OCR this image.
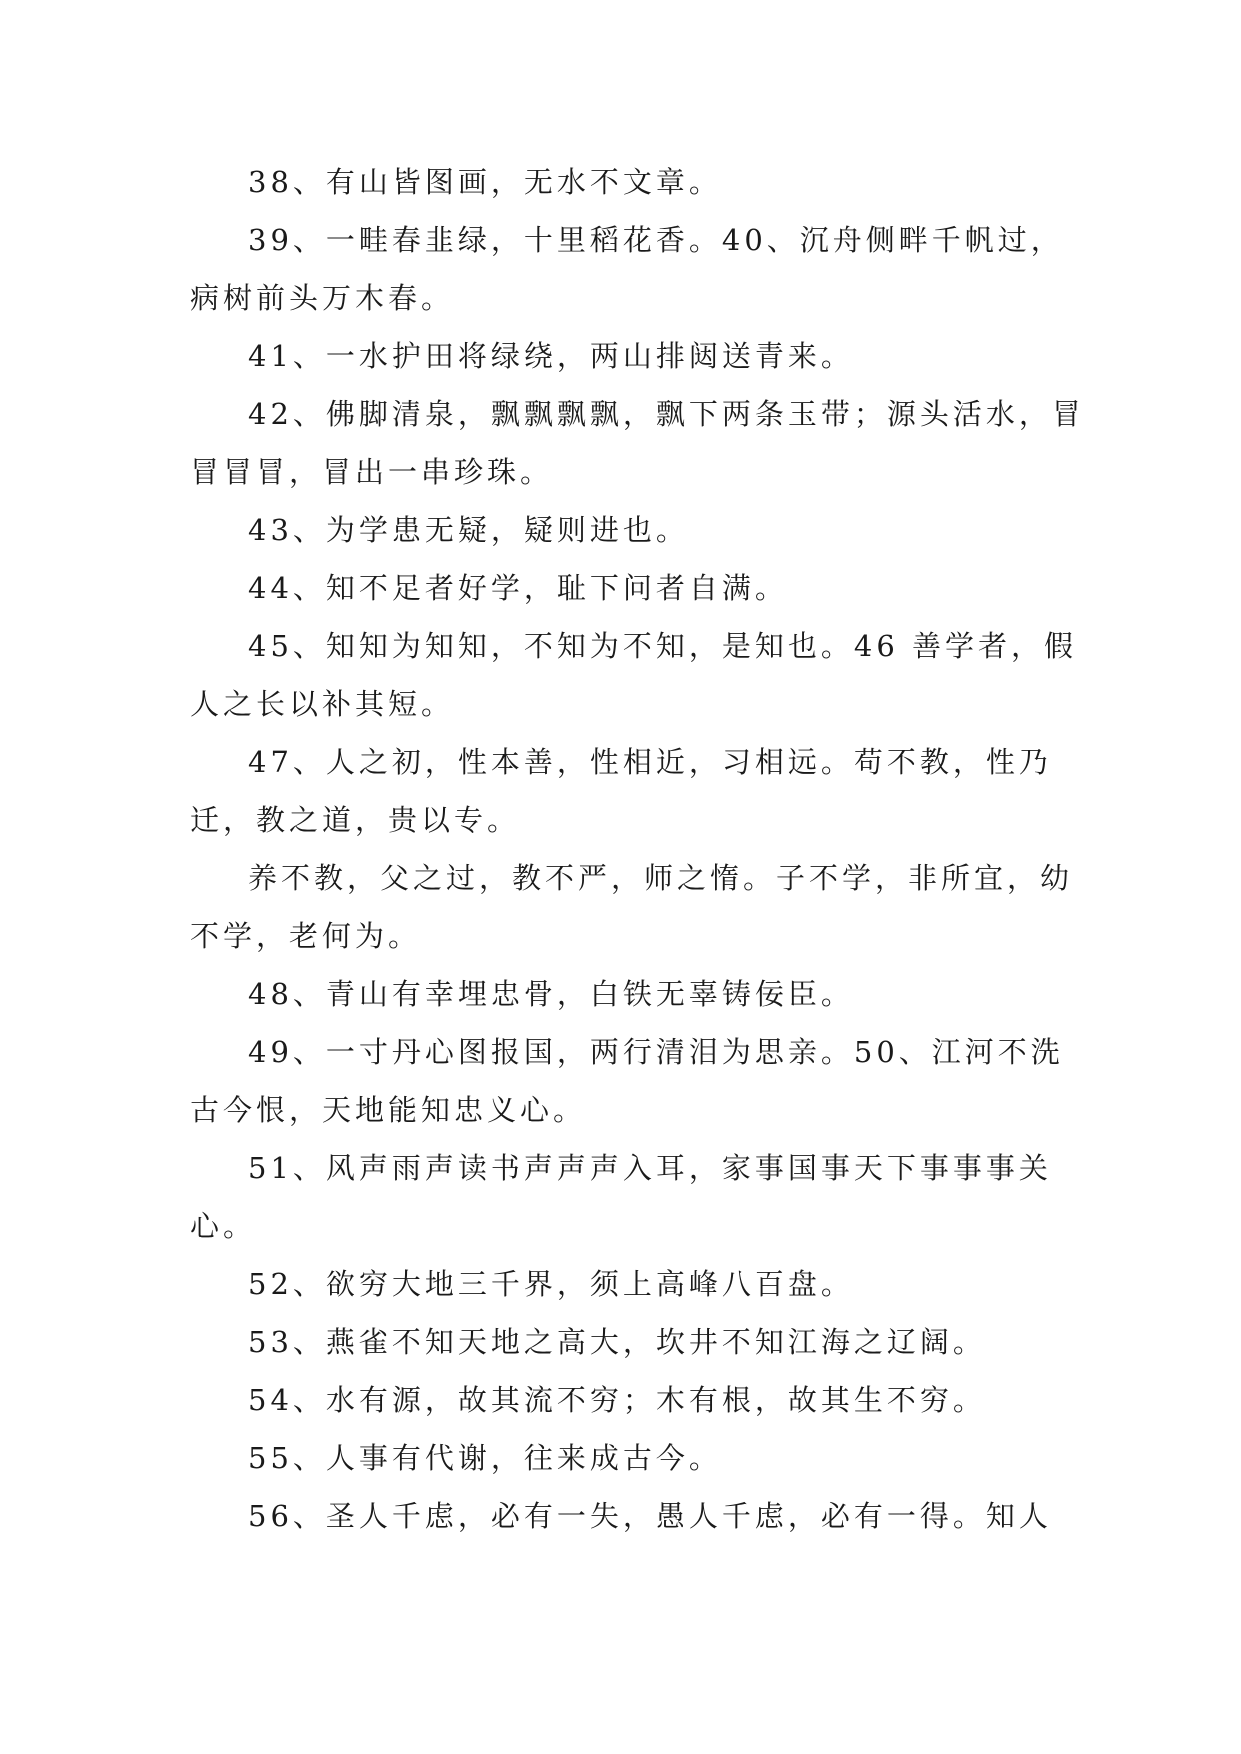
38、有山皆图画，无水不文章。

39、一畦春韭绿，十里稻花香。40、沉舟侧畔千帆过，病树前头万木春。

41、一水护田将绿绕，两山排闼送青来。

42、佛脚清泉，飘飘飘飘，飘下两条玉带；源头活水，冒冒冒冒，冒出一串珍珠。

43、为学患无疑，疑则进也。

44、知不足者好学，耻下问者自满。

45、知知为知知，不知为不知，是知也。46 善学者，假人之长以补其短。

47、人之初，性本善，性相近，习相远。苟不教，性乃迁，教之道，贵以专。

养不教，父之过，教不严，师之惰。子不学，非所宜，幼不学，老何为。

48、青山有幸埋忠骨，白铁无辜铸佞臣。

49、一寸丹心图报国，两行清泪为思亲。50、江河不洗古今恨，天地能知忠义心。

51、风声雨声读书声声声入耳，家事国事天下事事事关心。

52、欲穷大地三千界，须上高峰八百盘。

53、燕雀不知天地之高大，坎井不知江海之辽阔。

54、水有源，故其流不穷；木有根，故其生不穷。

55、人事有代谢，往来成古今。

56、圣人千虑，必有一失，愚人千虑，必有一得。知人
